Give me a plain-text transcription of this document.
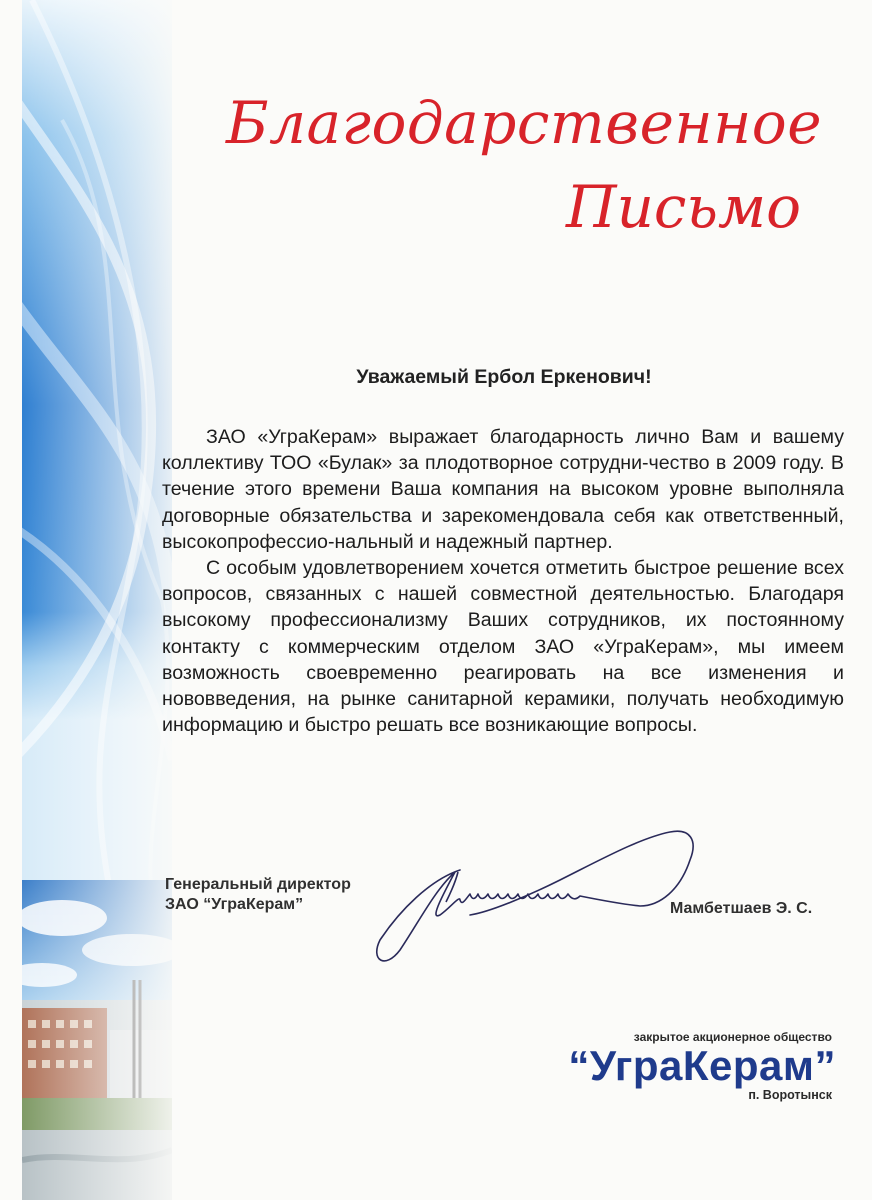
Благодарственное
Письмо
Уважаемый Ербол Еркенович!

ЗАО «УграКерам» выражает благодарность лично Вам и вашему коллективу ТОО «Булак» за плодотворное сотрудни-чество в 2009 году. В течение этого времени Ваша компания на высоком уровне выполняла договорные обязательства и зарекомендовала себя как ответственный, высокопрофессио-нальный и надежный партнер.

С особым удовлетворением хочется отметить быстрое решение всех вопросов, связанных с нашей совместной деятельностью. Благодаря высокому профессионализму Ваших сотрудников, их постоянному контакту с коммерческим отделом ЗАО «УграКерам», мы имеем возможность своевременно реагировать на все изменения и нововведения, на рынке санитарной керамики, получать необходимую информацию и быстро решать все возникающие вопросы.

Генеральный директор
ЗАО “УграКерам”	Мамбетшаев Э. С.
закрытое акционерное общество
“УграКерам”
п. Воротынск
